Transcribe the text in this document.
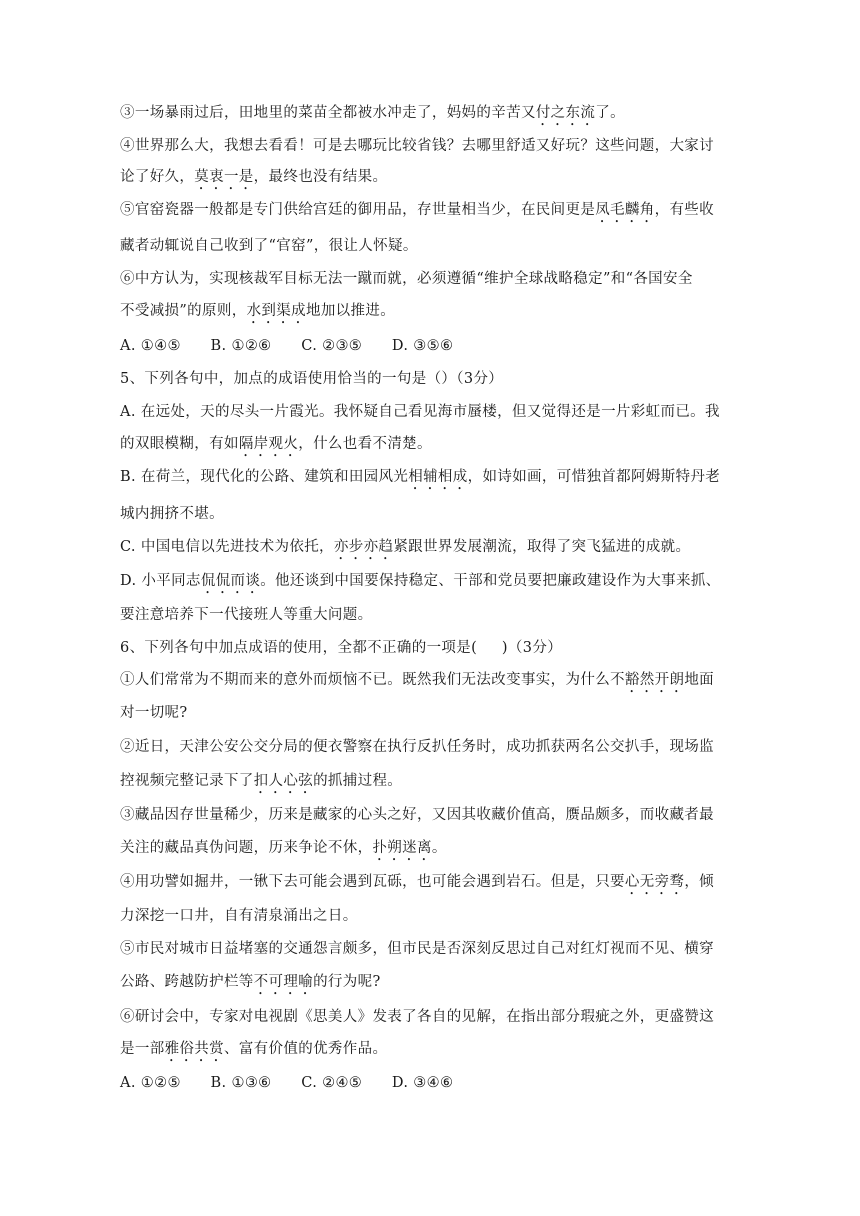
③一场暴雨过后，田地里的菜苗全都被水冲走了，妈妈的辛苦又付之东流了。
④世界那么大，我想去看看！可是去哪玩比较省钱？去哪里舒适又好玩？这些问题，大家讨
论了好久，莫衷一是，最终也没有结果。
⑤官窑瓷器一般都是专门供给宫廷的御用品，存世量相当少，在民间更是凤毛麟角，有些收
藏者动辄说自己收到了“官窑”，很让人怀疑。
⑥中方认为，实现核裁军目标无法一蹴而就，必须遵循“维护全球战略稳定”和“各国安全
不受减损”的原则，水到渠成地加以推进。
A. ①④⑤      B. ①②⑥      C. ②③⑤      D. ③⑤⑥
5、下列各句中，加点的成语使用恰当的一句是（）（3分）
A. 在远处，天的尽头一片霞光。我怀疑自己看见海市蜃楼，但又觉得还是一片彩虹而已。我
的双眼模糊，有如隔岸观火，什么也看不清楚。
B. 在荷兰，现代化的公路、建筑和田园风光相辅相成，如诗如画，可惜独首都阿姆斯特丹老
城内拥挤不堪。
C. 中国电信以先进技术为依托，亦步亦趋紧跟世界发展潮流，取得了突飞猛进的成就。
D. 小平同志侃侃而谈。他还谈到中国要保持稳定、干部和党员要把廉政建设作为大事来抓、
要注意培养下一代接班人等重大问题。
6、下列各句中加点成语的使用，全都不正确的一项是(     )（3分）
①人们常常为不期而来的意外而烦恼不已。既然我们无法改变事实，为什么不豁然开朗地面
对一切呢?
②近日，天津公安公交分局的便衣警察在执行反扒任务时，成功抓获两名公交扒手，现场监
控视频完整记录下了扣人心弦的抓捕过程。
③藏品因存世量稀少，历来是藏家的心头之好，又因其收藏价值高，赝品颇多，而收藏者最
关注的藏品真伪问题，历来争论不休，扑朔迷离。
④用功譬如掘井，一锹下去可能会遇到瓦砾，也可能会遇到岩石。但是，只要心无旁骛，倾
力深挖一口井，自有清泉涌出之日。
⑤市民对城市日益堵塞的交通怨言颇多，但市民是否深刻反思过自己对红灯视而不见、横穿
公路、跨越防护栏等不可理喻的行为呢?
⑥研讨会中，专家对电视剧《思美人》发表了各自的见解，在指出部分瑕疵之外，更盛赞这
是一部雅俗共赏、富有价值的优秀作品。
A. ①②⑤      B. ①③⑥      C. ②④⑤      D. ③④⑥
